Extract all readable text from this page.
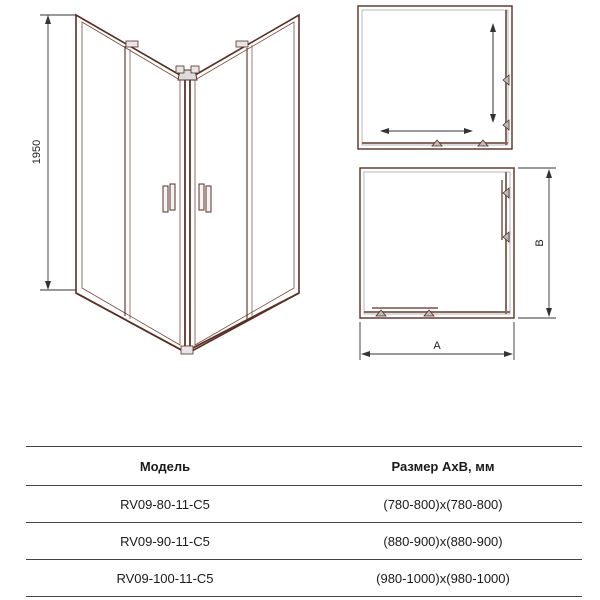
1950
A
B
Модель	Размер AxB, мм
RV09-80-11-C5	(780-800)x(780-800)
RV09-90-11-C5	(880-900)x(880-900)
RV09-100-11-C5	(980-1000)x(980-1000)
